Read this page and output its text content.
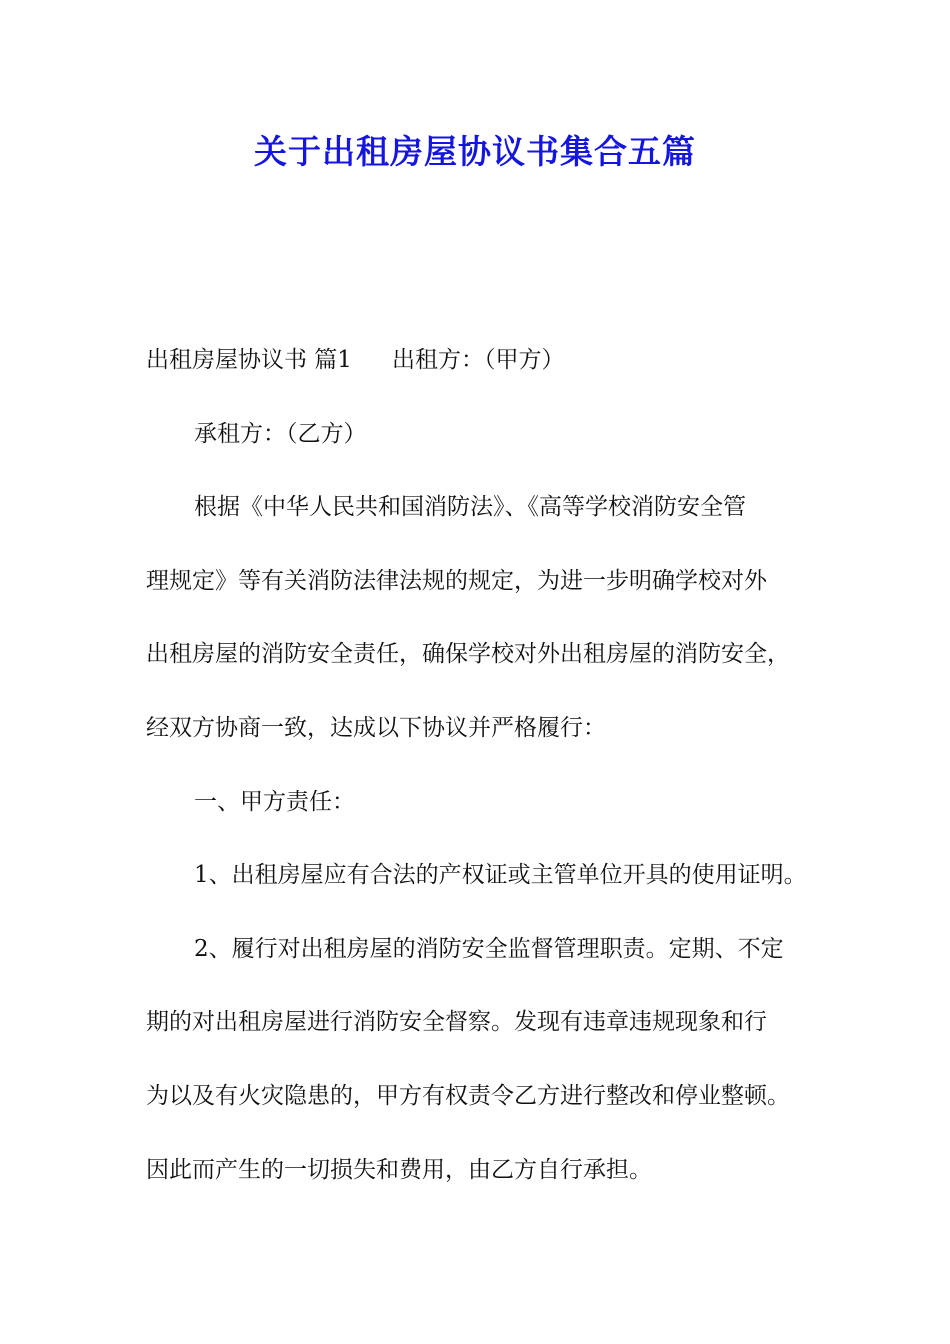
关于出租房屋协议书集合五篇
出租房屋协议书 篇1 出租方：（甲方）
承租方：（乙方）
根据《中华人民共和国消防法》、《高等学校消防安全管
理规定》等有关消防法律法规的规定，为进一步明确学校对外
出租房屋的消防安全责任，确保学校对外出租房屋的消防安全，
经双方协商一致，达成以下协议并严格履行：
一、甲方责任：
1、出租房屋应有合法的产权证或主管单位开具的使用证明。
2、履行对出租房屋的消防安全监督管理职责。定期、不定
期的对出租房屋进行消防安全督察。发现有违章违规现象和行
为以及有火灾隐患的，甲方有权责令乙方进行整改和停业整顿。
因此而产生的一切损失和费用，由乙方自行承担。
